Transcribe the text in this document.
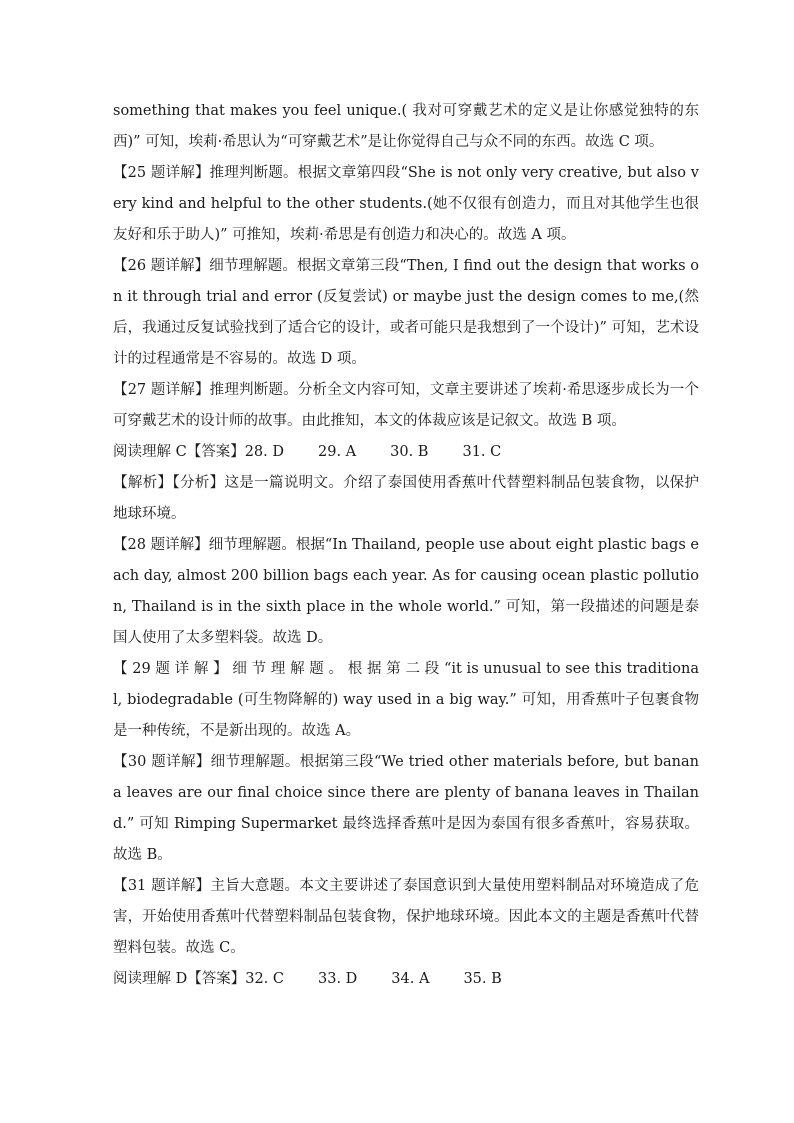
something that makes you feel unique.( 我对可穿戴艺术的定义是让你感觉独特的东西)” 可知，埃莉·希思认为“可穿戴艺术”是让你觉得自己与众不同的东西。故选 C 项。

【25 题详解】推理判断题。根据文章第四段“She is not only very creative, but also very kind and helpful to the other students.(她不仅很有创造力，而且对其他学生也很友好和乐于助人)” 可推知，埃莉·希思是有创造力和决心的。故选 A 项。

【26 题详解】细节理解题。根据文章第三段“Then, I find out the design that works on it through trial and error (反复尝试) or maybe just the design comes to me,(然后，我通过反复试验找到了适合它的设计，或者可能只是我想到了一个设计)” 可知，艺术设计的过程通常是不容易的。故选 D 项。

【27 题详解】推理判断题。分析全文内容可知，文章主要讲述了埃莉·希思逐步成长为一个可穿戴艺术的设计师的故事。由此推知，本文的体裁应该是记叙文。故选 B 项。

阅读理解 C【答案】28. D 29. A 30. B 31. C

【解析】【分析】这是一篇说明文。介绍了泰国使用香蕉叶代替塑料制品包装食物，以保护地球环境。

【28 题详解】细节理解题。根据“In Thailand, people use about eight plastic bags each day, almost 200 billion bags each year. As for causing ocean plastic pollution, Thailand is in the sixth place in the whole world.” 可知，第一段描述的问题是泰国人使用了太多塑料袋。故选 D。

【 29 题 详 解 】 细 节 理 解 题 。 根 据 第 二 段 “it is unusual to see this traditional, biodegradable (可生物降解的) way used in a big way.” 可知，用香蕉叶子包裹食物是一种传统，不是新出现的。故选 A。

【30 题详解】细节理解题。根据第三段“We tried other materials before, but banana leaves are our final choice since there are plenty of banana leaves in Thailand.” 可知 Rimping Supermarket 最终选择香蕉叶是因为泰国有很多香蕉叶，容易获取。故选 B。

【31 题详解】主旨大意题。本文主要讲述了泰国意识到大量使用塑料制品对环境造成了危害，开始使用香蕉叶代替塑料制品包装食物，保护地球环境。因此本文的主题是香蕉叶代替塑料包装。故选 C。

阅读理解 D【答案】32. C 33. D 34. A 35. B
